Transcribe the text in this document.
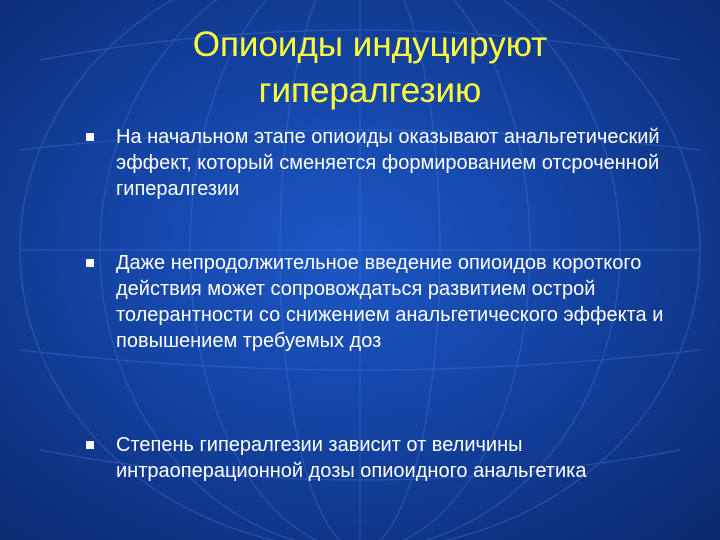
Опиоиды индуцируют гипералгезию
На начальном этапе опиоиды оказывают анальгетический эффект, который сменяется формированием отсроченной гипералгезии
Даже непродолжительное введение опиоидов короткого действия может сопровождаться развитием острой толерантности со снижением анальгетического эффекта и повышением требуемых доз
Степень гипералгезии зависит от величины интраоперационной дозы опиоидного анальгетика
